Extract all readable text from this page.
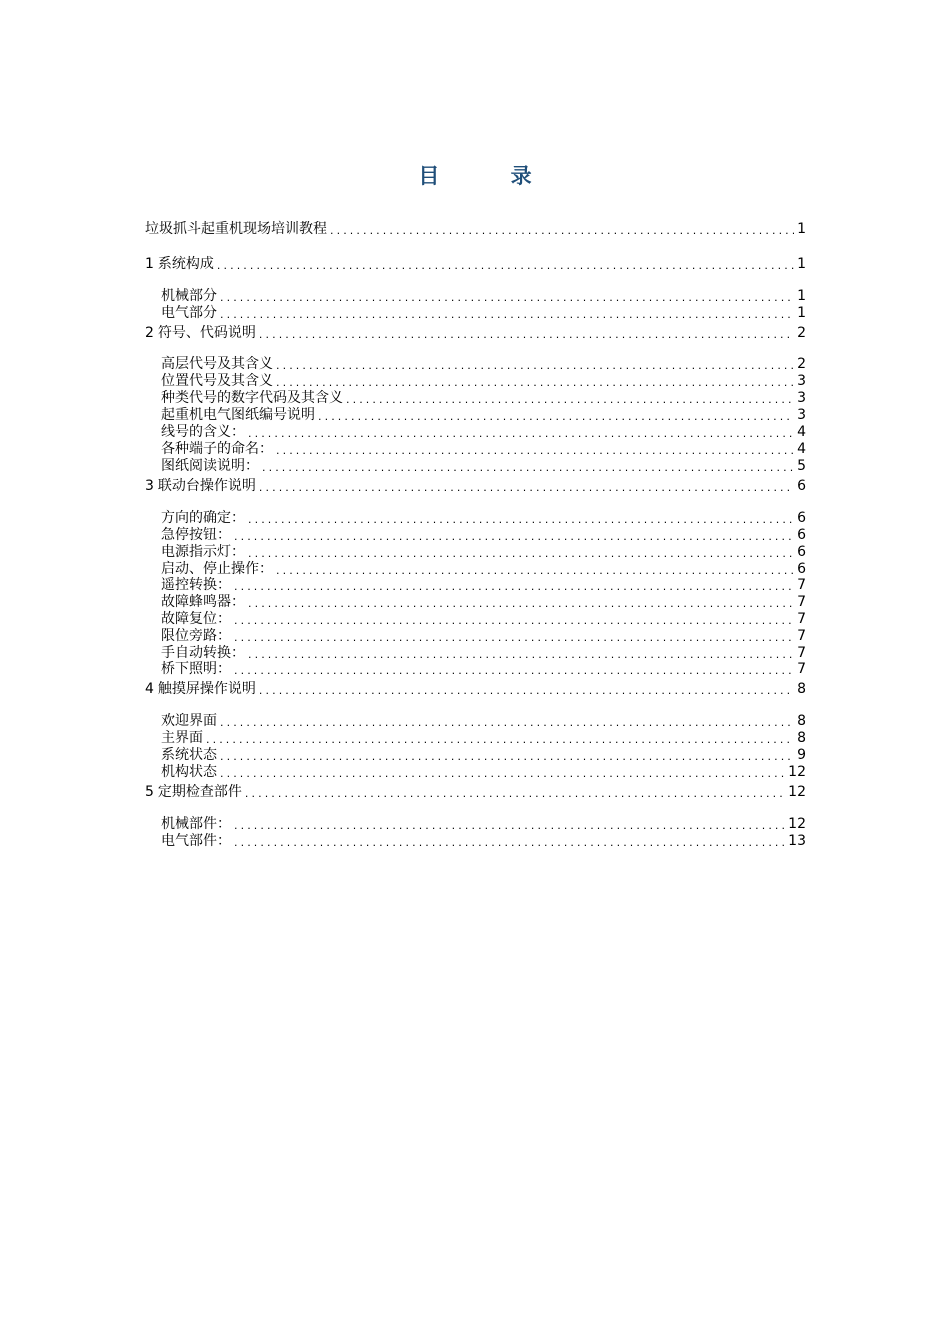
目 录
垃圾抓斗起重机现场培训教程 .....	1
1 系统构成 .....	1
机械部分 .....	1
电气部分 .....	1
2 符号、代码说明 .....	2
高层代号及其含义 .....	2
位置代号及其含义 .....	3
种类代号的数字代码及其含义 .....	3
起重机电气图纸编号说明 .....	3
线号的含义： .....	4
各种端子的命名： .....	4
图纸阅读说明： .....	5
3 联动台操作说明 .....	6
方向的确定： .....	6
急停按钮： .....	6
电源指示灯： .....	6
启动、停止操作： .....	6
遥控转换： .....	7
故障蜂鸣器： .....	7
故障复位： .....	7
限位旁路： .....	7
手自动转换： .....	7
桥下照明： .....	7
4 触摸屏操作说明 .....	8
欢迎界面 .....	8
主界面 .....	8
系统状态 .....	9
机构状态 .....	12
5 定期检查部件 .....	12
机械部件： .....	12
电气部件： .....	13
